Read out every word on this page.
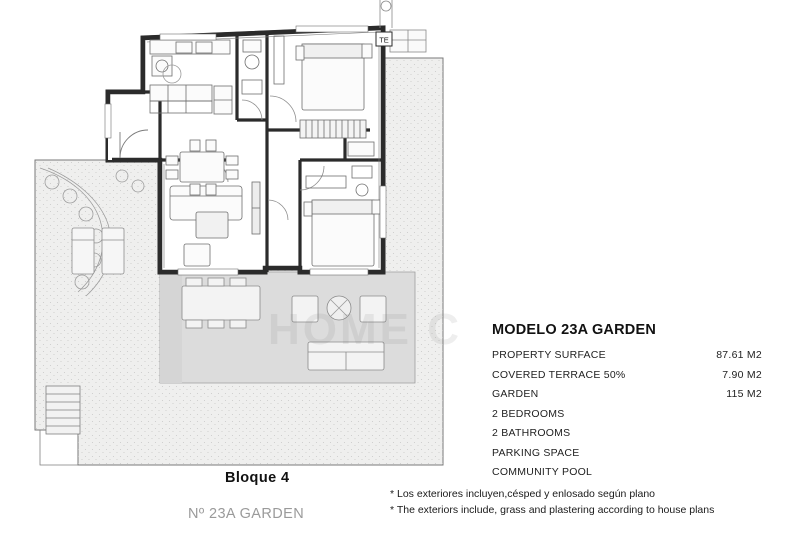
TE
C MODELO 23A GARDEN
PROPERTY SURFACE	87.61 M2
COVERED TERRACE 50%	7.90 M2
GARDEN	115 M2
2 BEDROOMS
2 BATHROOMS
PARKING SPACE
COMMUNITY POOL
Bloque 4
Nº 23A GARDEN
* Los exteriores incluyen,césped y enlosado según plano
* The exteriors include, grass and plastering according to house plans
